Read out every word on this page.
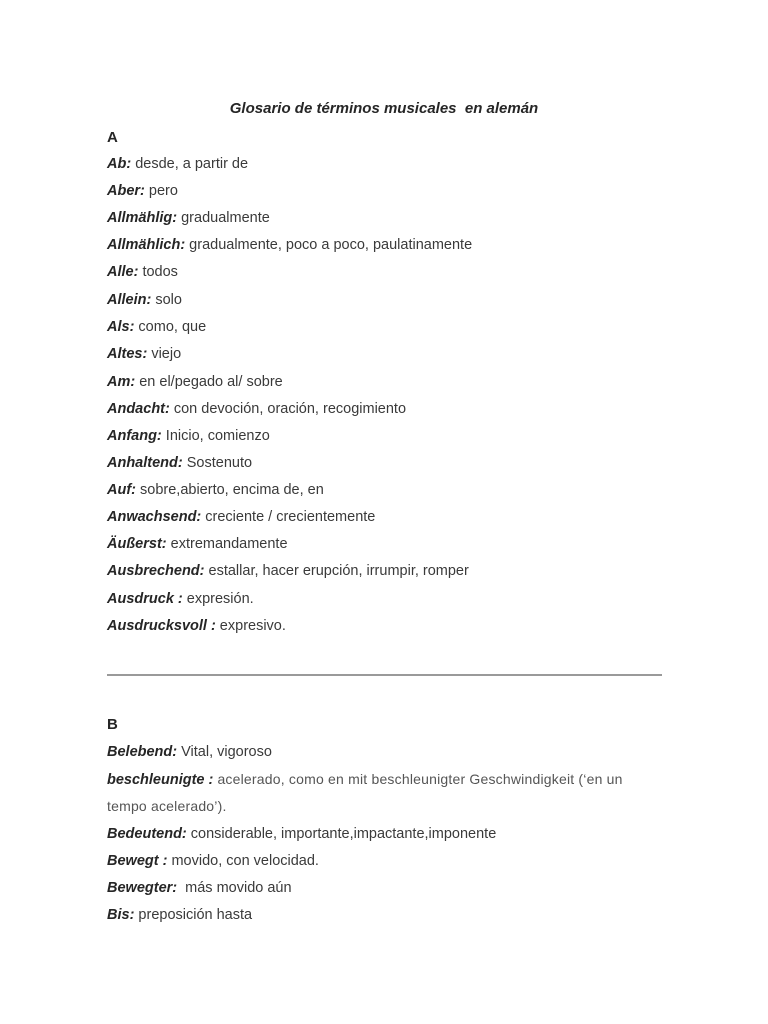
Glosario de términos musicales  en alemán
A
Ab: desde, a partir de
Aber: pero
Allmählig: gradualmente
Allmählich: gradualmente, poco a poco, paulatinamente
Alle: todos
Allein: solo
Als: como, que
Altes: viejo
Am: en el/pegado al/ sobre
Andacht: con devoción, oración, recogimiento
Anfang: Inicio, comienzo
Anhaltend: Sostenuto
Auf: sobre,abierto, encima de, en
Anwachsend: creciente / crecientemente
Äußerst: extremandamente
Ausbrechend: estallar, hacer erupción, irrumpir, romper
Ausdruck : expresión.
Ausdrucksvoll : expresivo.
B
Belebend: Vital, vigoroso
beschleunigte : acelerado, como en mit beschleunigter Geschwindigkeit (‘en un
tempo acelerado’).
Bedeutend: considerable, importante,impactante,imponente
Bewegt : movido, con velocidad.
Bewegter:  más movido aún
Bis: preposición hasta
